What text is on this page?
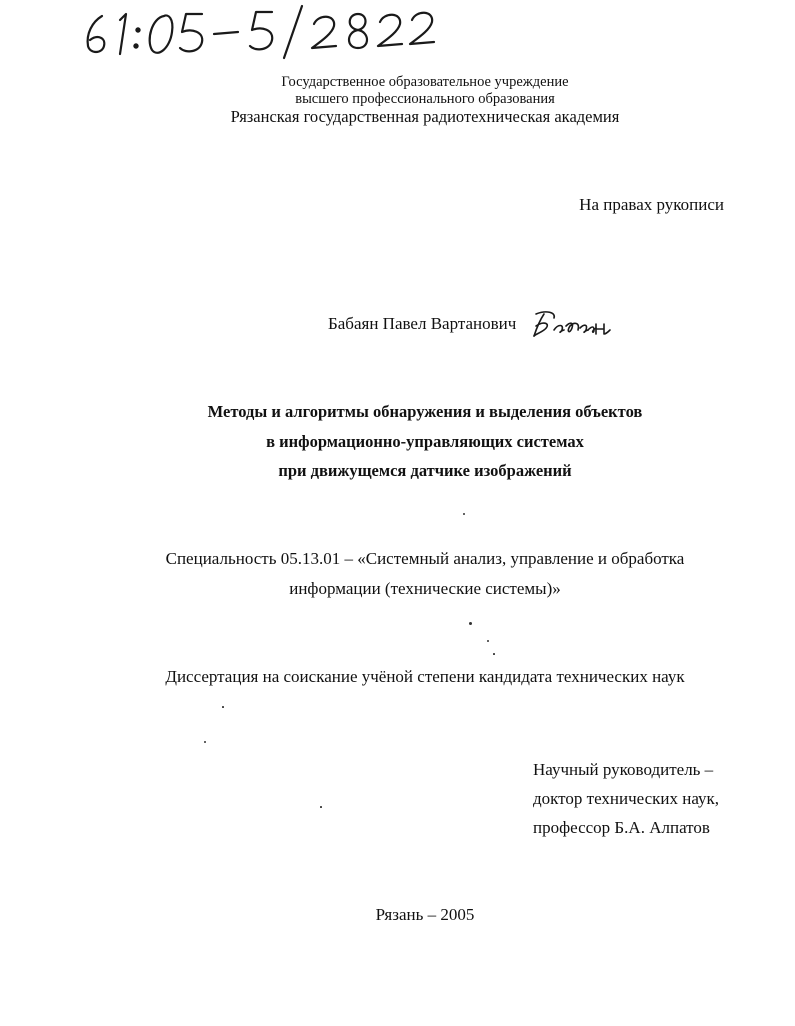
Государственное образовательное учреждение
высшего профессионального образования
Рязанская государственная радиотехническая академия
На правах рукописи
Бабаян Павел Вартанович
Методы и алгоритмы обнаружения и выделения объектов
в информационно-управляющих системах
при движущемся датчике изображений
Специальность 05.13.01 – «Системный анализ, управление и обработка
информации (технические системы)»
Диссертация на соискание учёной степени кандидата технических наук
Научный руководитель –
доктор технических наук,
профессор Б.А. Алпатов
Рязань – 2005
